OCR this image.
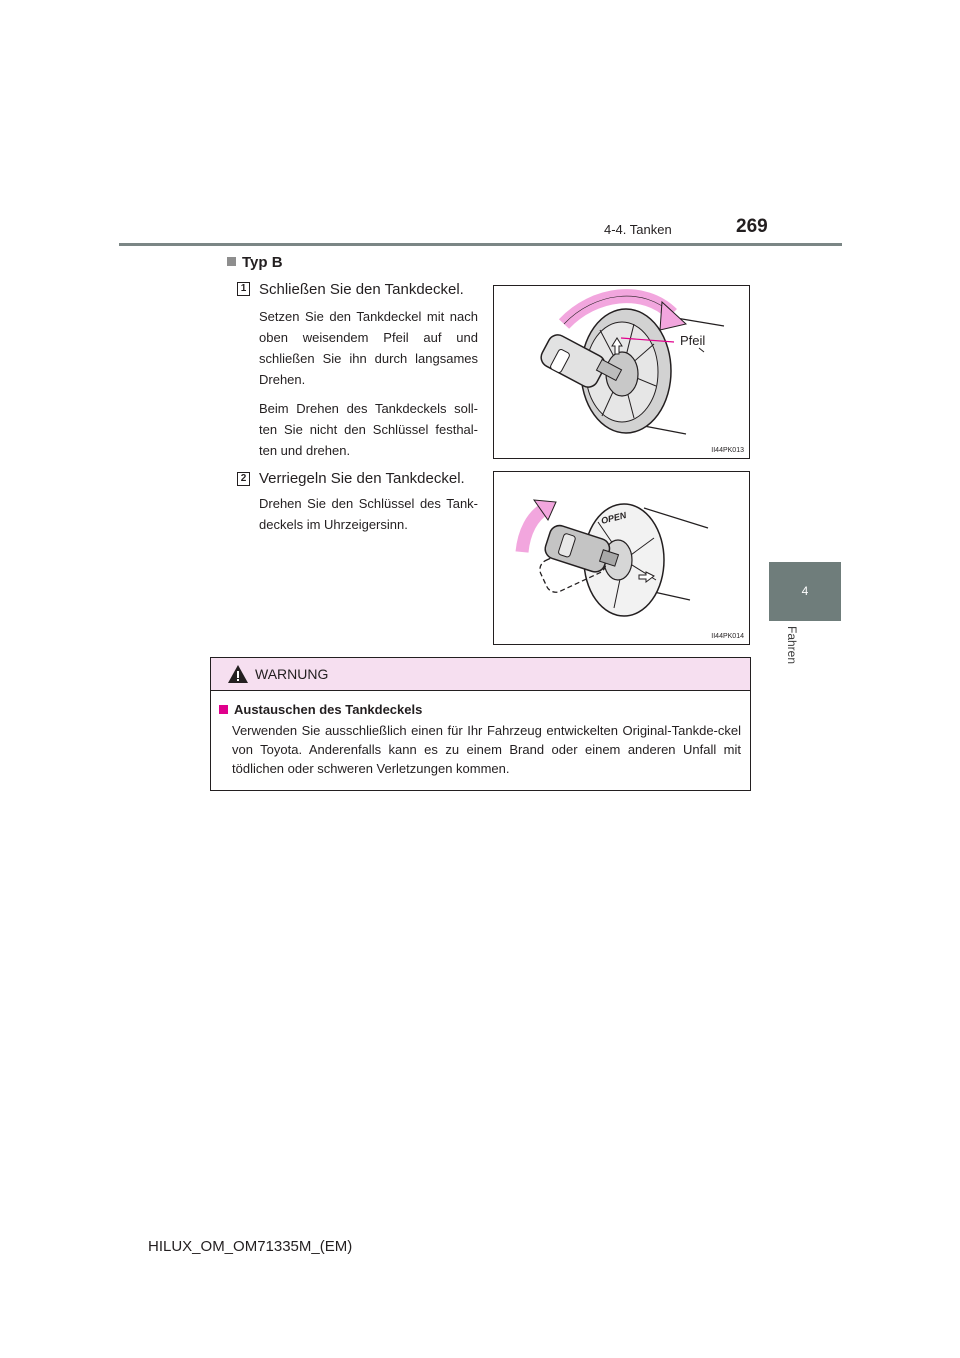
4-4. Tanken	269
4
Fahren
Typ B
1 Schließen Sie den Tankdeckel.

Setzen Sie den Tankdeckel mit nach oben weisendem Pfeil auf und schließen Sie ihn durch langsames Drehen.

Beim Drehen des Tankdeckels soll-ten Sie nicht den Schlüssel festhal-ten und drehen.

Pfeil
II44PK013
2 Verriegeln Sie den Tankdeckel.

Drehen Sie den Schlüssel des Tank-deckels im Uhrzeigersinn.	OPEN
II44PK014
WARNUNG
Austauschen des Tankdeckels
Verwenden Sie ausschließlich einen für Ihr Fahrzeug entwickelten Original-Tankde-ckel von Toyota. Anderenfalls kann es zu einem Brand oder einem anderen Unfall mit tödlichen oder schweren Verletzungen kommen.
HILUX_OM_OM71335M_(EM)
